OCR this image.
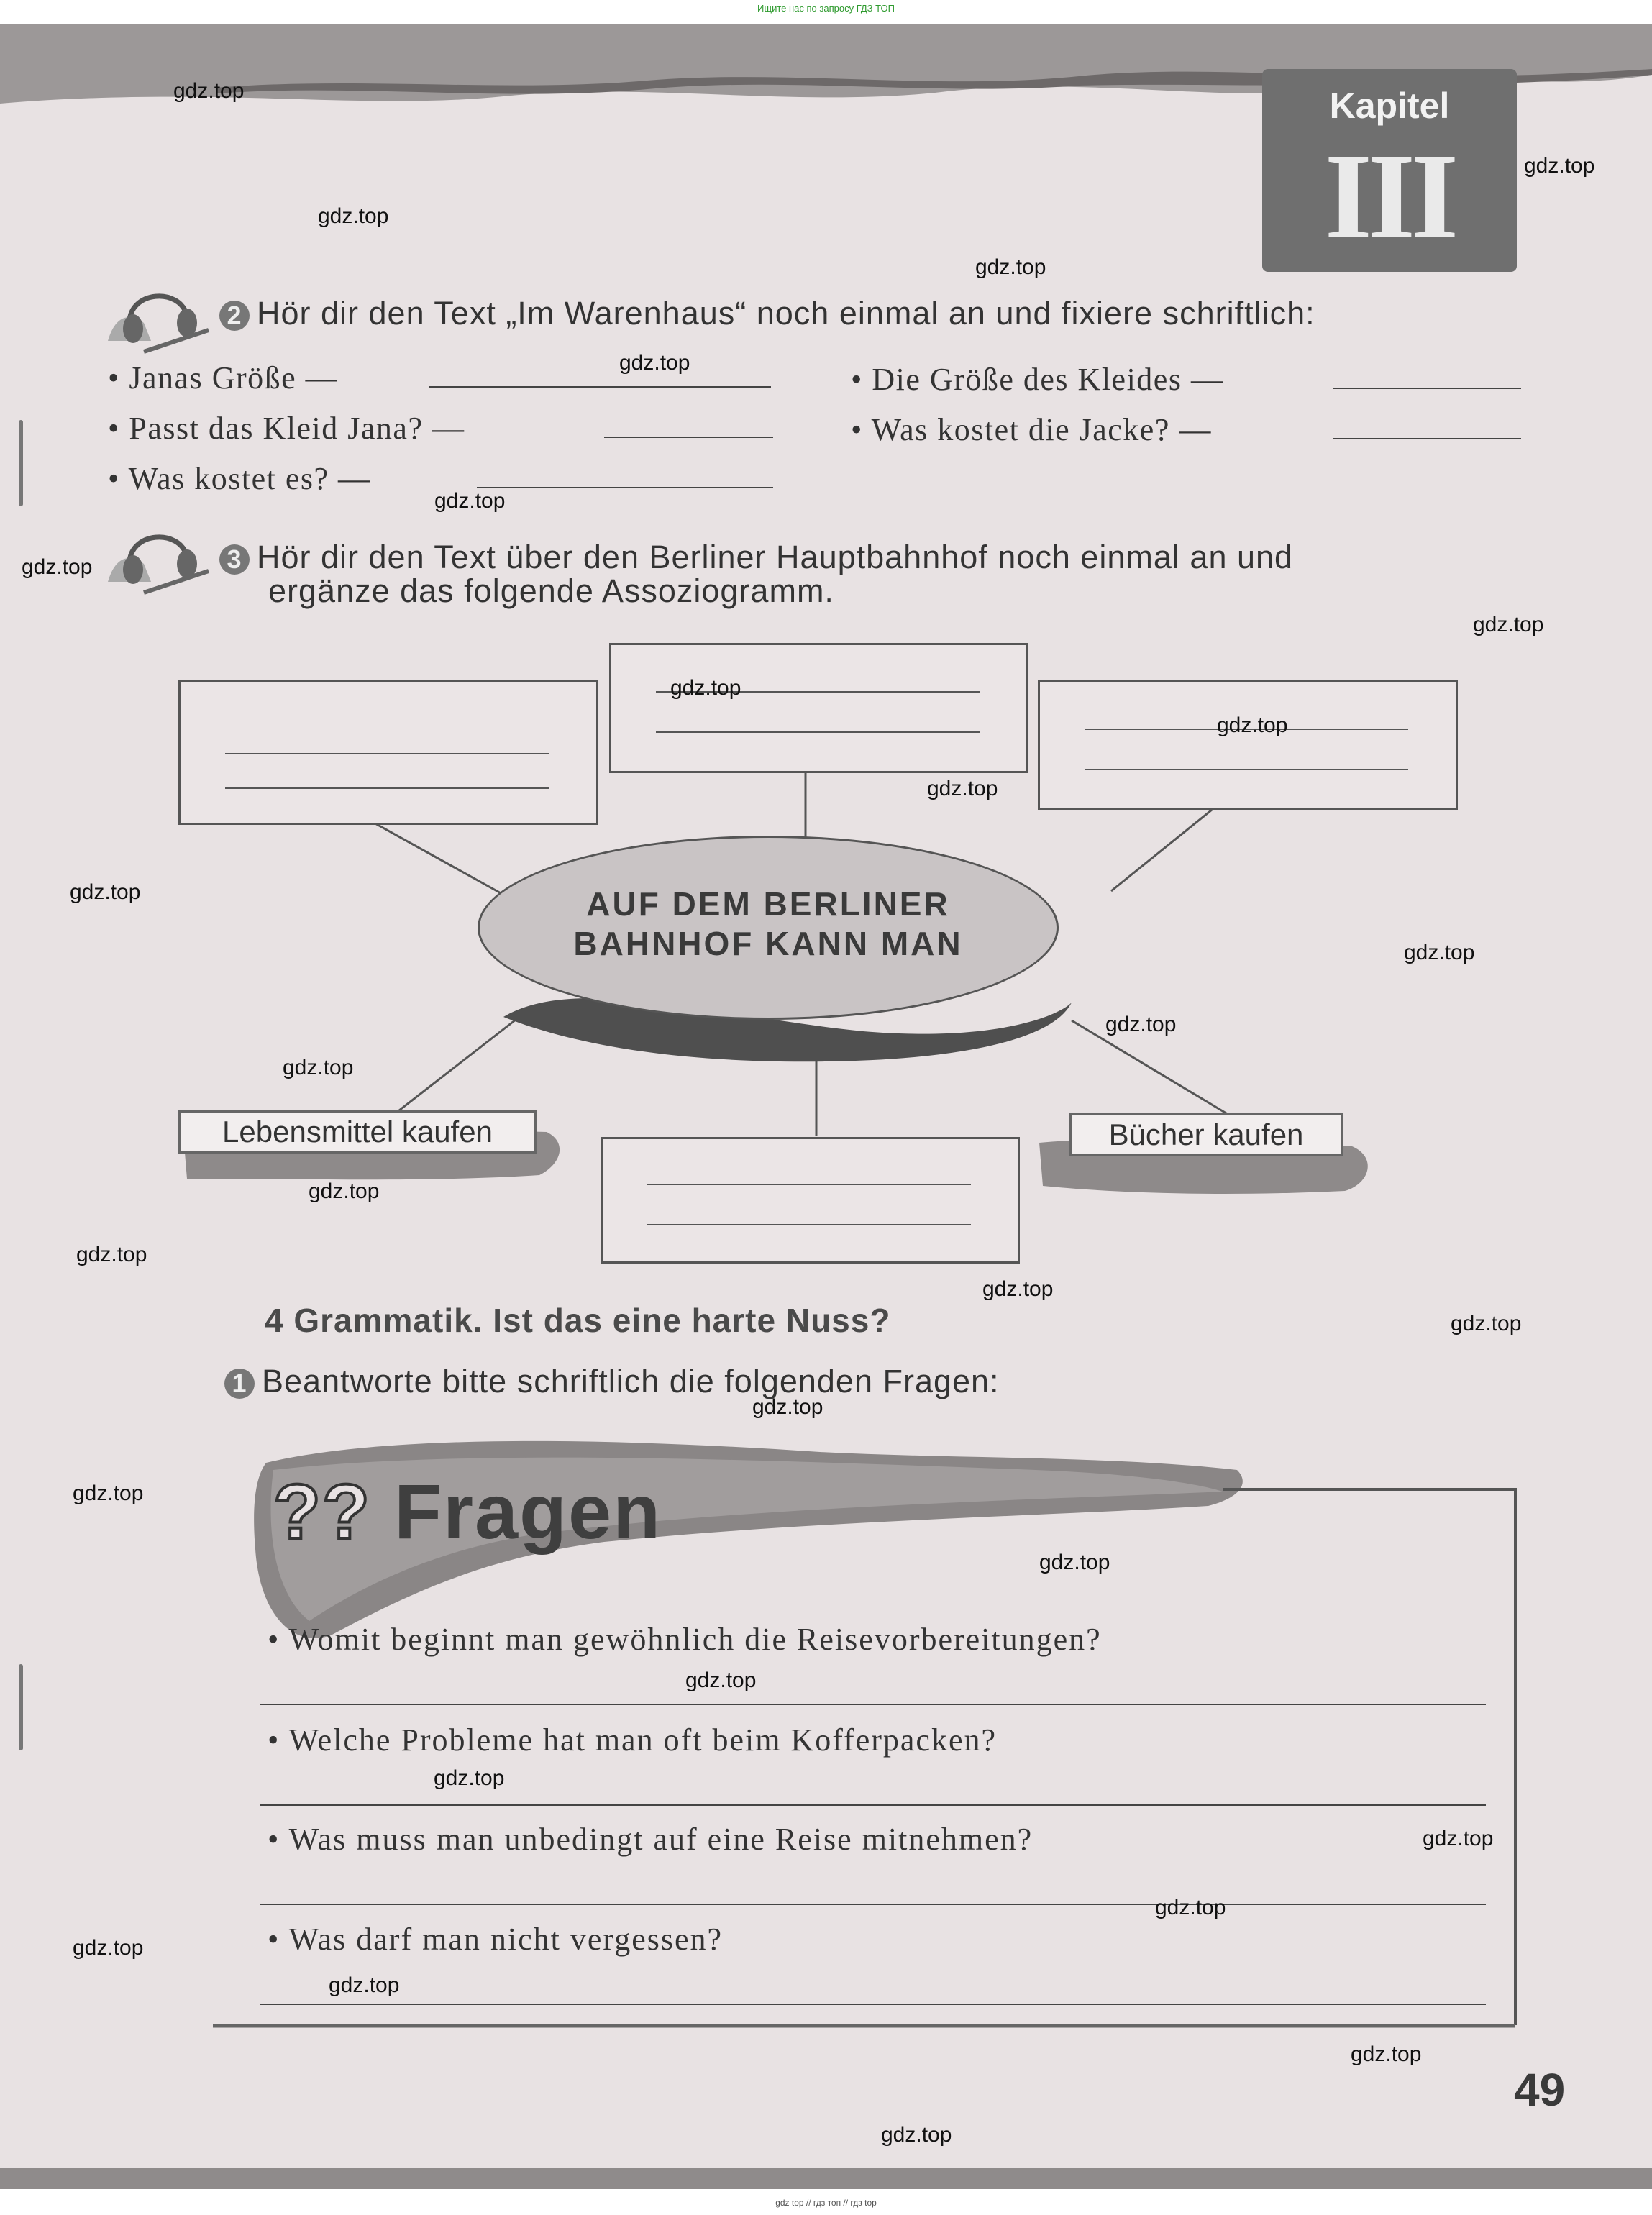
Ищите нас по запросу ГДЗ ТОП
Kapitel
III
2 Hör dir den Text „Im Warenhaus“ noch einmal an und fixiere schriftlich:
• Janas Größe —
• Passt das Kleid Jana? —
• Was kostet es? —
• Die Größe des Kleides —
• Was kostet die Jacke? —
3 Hör dir den Text über den Berliner Hauptbahnhof noch einmal an und
ergänze das folgende Assoziogramm.
AUF DEM BERLINER
BAHNHOF KANN MAN
Lebensmittel kaufen	Bücher kaufen
4 Grammatik. Ist das eine harte Nuss?
1 Beantworte bitte schriftlich die folgenden Fragen:
?? Fragen
• Womit beginnt man gewöhnlich die Reisevorbereitungen?
• Welche Probleme hat man oft beim Kofferpacken?
• Was muss man unbedingt auf eine Reise mitnehmen?
• Was darf man nicht vergessen?
49
gdz.top
gdz.top
gdz.top
gdz.top
gdz.top
gdz.top
gdz.top
gdz.top
gdz.top
gdz.top
gdz.top
gdz.top
gdz.top
gdz.top
gdz.top
gdz.top
gdz.top
gdz.top
gdz.top
gdz.top
gdz.top
gdz.top
gdz.top
gdz.top
gdz.top
gdz.top
gdz.top
gdz.top
gdz.top
gdz.top
gdz top // гдз топ // гдз top
